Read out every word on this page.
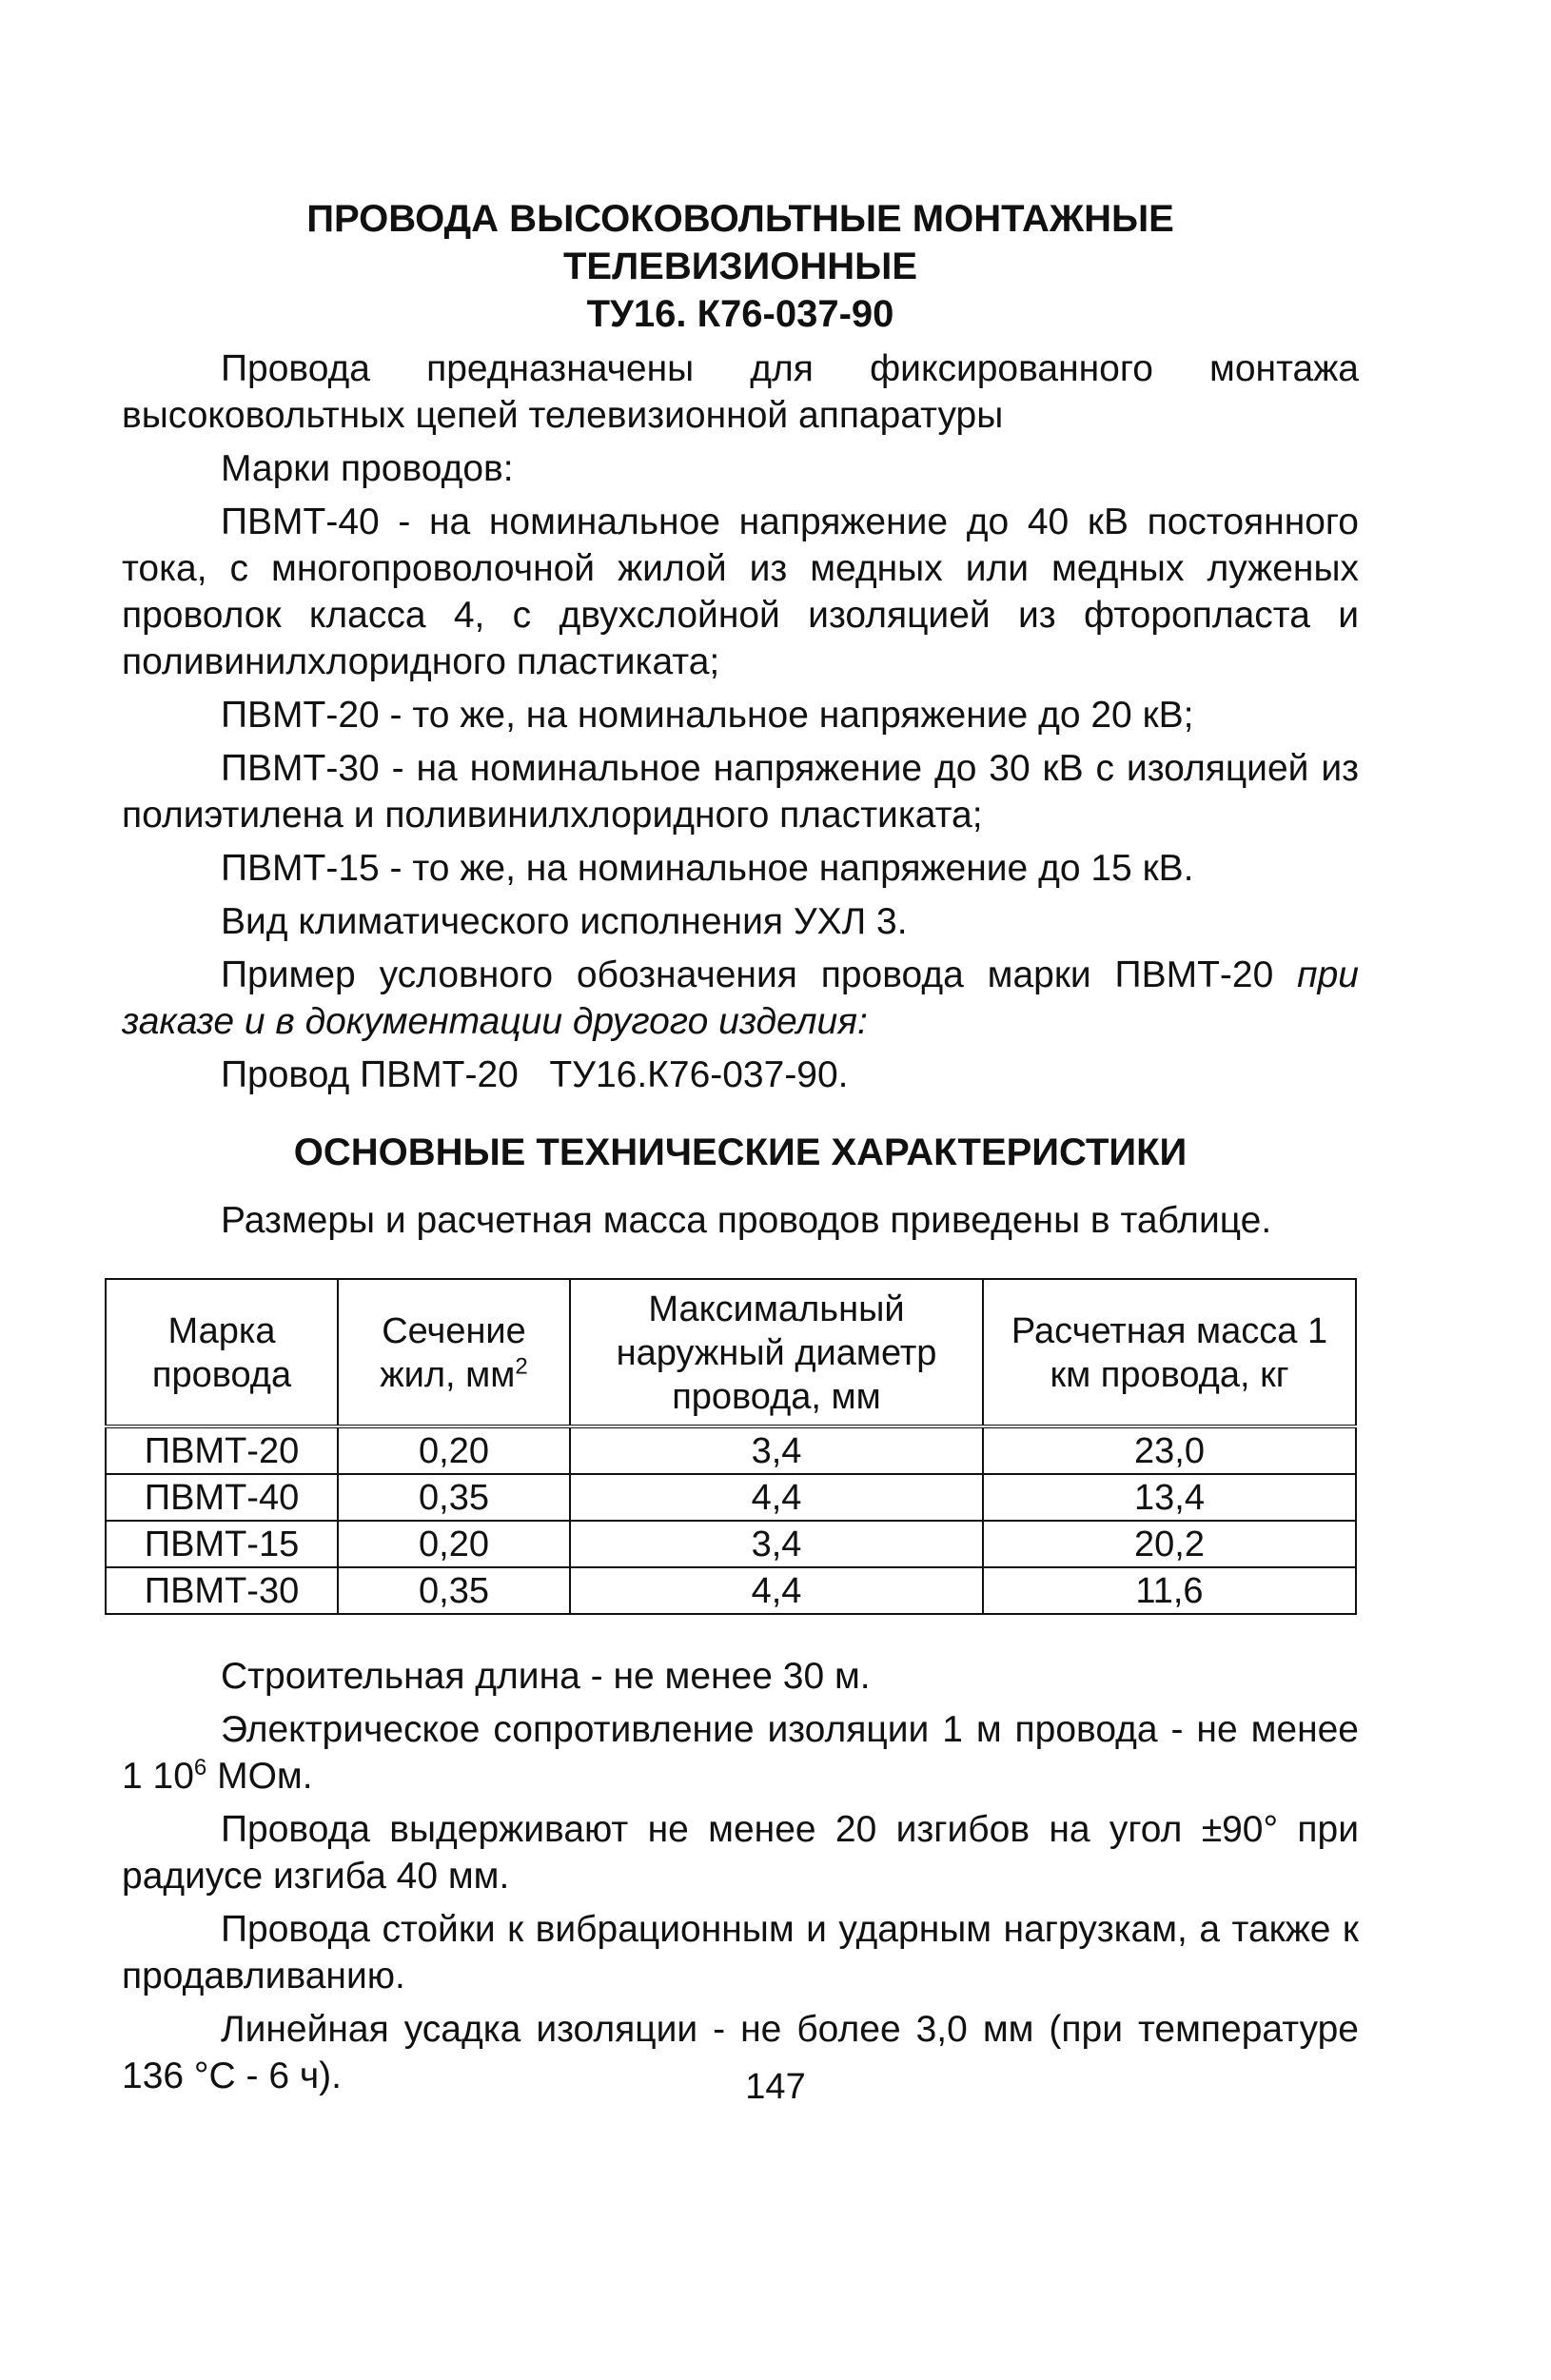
ПРОВОДА ВЫСОКОВОЛЬТНЫЕ МОНТАЖНЫЕ

ТЕЛЕВИЗИОННЫЕ

ТУ16. К76-037-90

Провода предназначены для фиксированного монтажа высоковольтных цепей телевизионной аппаратуры

Марки проводов:

ПВМТ-40 - на номинальное напряжение до 40 кВ постоянного тока, с многопроволочной жилой из медных или медных луженых проволок класса 4, с двухслойной изоляцией из фторопласта и поливинилхлоридного пластиката;

ПВМТ-20 - то же, на номинальное напряжение до 20 кВ;

ПВМТ-30 - на номинальное напряжение до 30 кВ с изоляцией из полиэтилена и поливинилхлоридного пластиката;

ПВМТ-15 - то же, на номинальное напряжение до 15 кВ.

Вид климатического исполнения УХЛ 3.

Пример условного обозначения провода марки ПВМТ-20 при заказе и в документации другого изделия:

Провод ПВМТ-20   ТУ16.К76-037-90.

ОСНОВНЫЕ ТЕХНИЧЕСКИЕ ХАРАКТЕРИСТИКИ

Размеры и расчетная масса проводов приведены в таблице.

Марка провода	Сечение жил, $мм^2$	Максимальный наружный диаметр провода, мм	Расчетная масса 1 км провода, кг
ПВМТ-20	0,20	3,4	23,0
ПВМТ-40	0,35	4,4	13,4
ПВМТ-15	0,20	3,4	20,2
ПВМТ-30	0,35	4,4	11,6

Строительная длина - не менее 30 м.

Электрическое сопротивление изоляции 1 м провода - не менее 1 $10^6$ МОм.

Провода выдерживают не менее 20 изгибов на угол ±90° при радиусе изгиба 40 мм.

Провода стойки к вибрационным и ударным нагрузкам, а также к продавливанию.

Линейная усадка изоляции - не более 3,0 мм (при температуре 136 °С - 6 ч).	147
